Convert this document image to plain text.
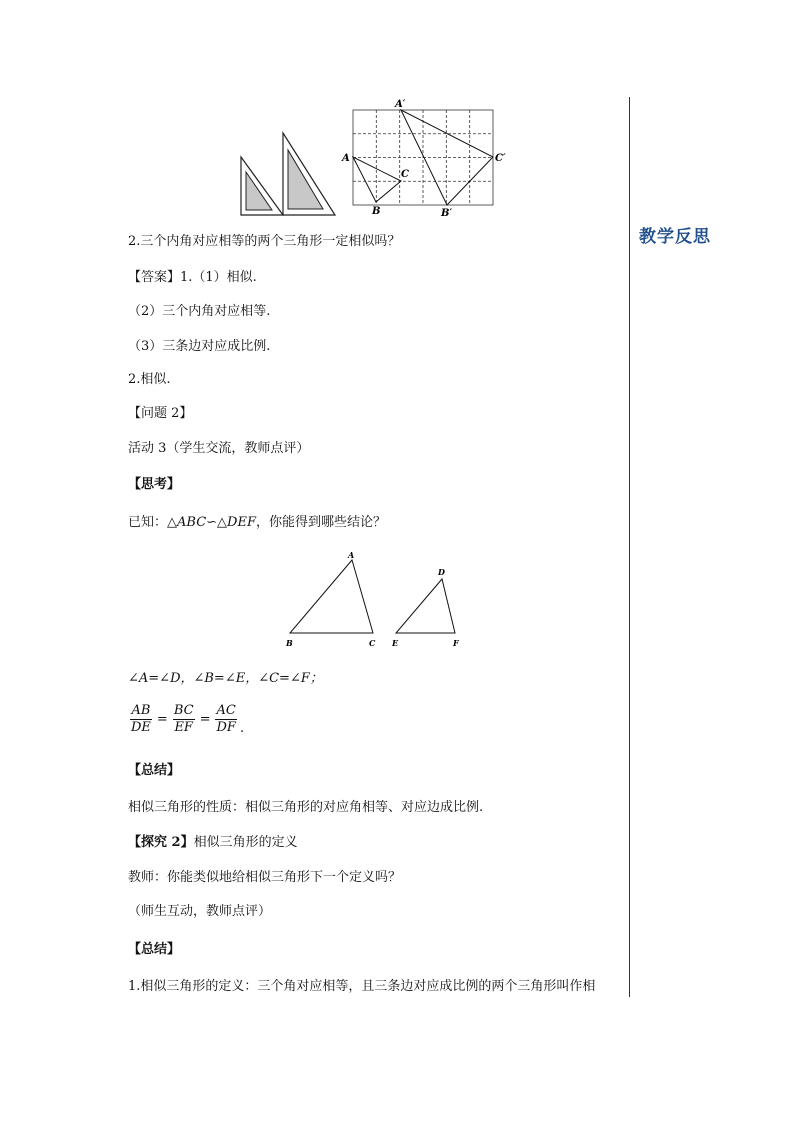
教学反思
A
B
C
A′
B′
C′
2.三个内角对应相等的两个三角形一定相似吗？
【答案】1.（1）相似.
（2）三个内角对应相等.
（3）三条边对应成比例.
2.相似.
【问题 2】
活动 3（学生交流，教师点评）
【思考】
已知：△ABC∽△DEF，你能得到哪些结论？
A
B	C
D
E	F
∠A=∠D，∠B=∠E，∠C=∠F；
$\frac{AB}{DE} = \frac{BC}{EF} = \frac{AC}{DF}$ .
【总结】
相似三角形的性质：相似三角形的对应角相等、对应边成比例.
【探究 2】相似三角形的定义
教师：你能类似地给相似三角形下一个定义吗？
（师生互动，教师点评）
【总结】
1.相似三角形的定义：三个角对应相等，且三条边对应成比例的两个三角形叫作相
